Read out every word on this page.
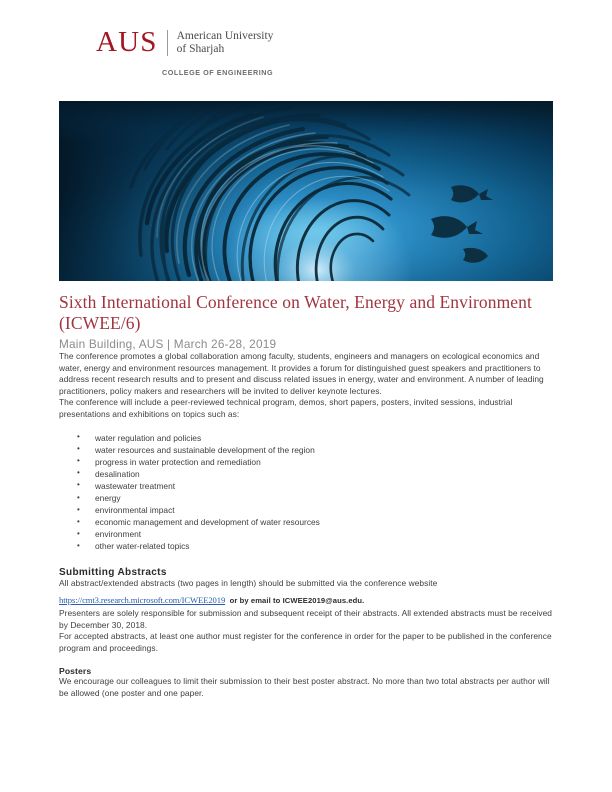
AUS American University
of Sharjah
COLLEGE OF ENGINEERING
Sixth International Conference on Water, Energy and Environment (ICWEE/6)

Main Building, AUS | March 26-28, 2019

The conference promotes a global collaboration among faculty, students, engineers and managers on ecological economics and water, energy and environment resources management. It provides a forum for distinguished guest speakers and practitioners to address recent research results and to present and discuss related issues in energy, water and environment. A number of leading practitioners, policy makers and researchers will be invited to deliver keynote lectures.

The conference will include a peer-reviewed technical program, demos, short papers, posters, invited sessions, industrial presentations and exhibitions on topics such as:

• water regulation and policies
• water resources and sustainable development of the region
• progress in water protection and remediation
• desalination
• wastewater treatment
• energy
• environmental impact
• economic management and development of water resources
• environment
• other water-related topics
Submitting Abstracts

All abstract/extended abstracts (two pages in length) should be submitted via the conference website

https://cmt3.research.microsoft.com/ICWEE2019 or by email to ICWEE2019@aus.edu.

Presenters are solely responsible for submission and subsequent receipt of their abstracts. All extended abstracts must be received by December 30, 2018.

For accepted abstracts, at least one author must register for the conference in order for the paper to be published in the conference program and proceedings.

Posters

We encourage our colleagues to limit their submission to their best poster abstract. No more than two total abstracts per author will be allowed (one poster and one paper.
